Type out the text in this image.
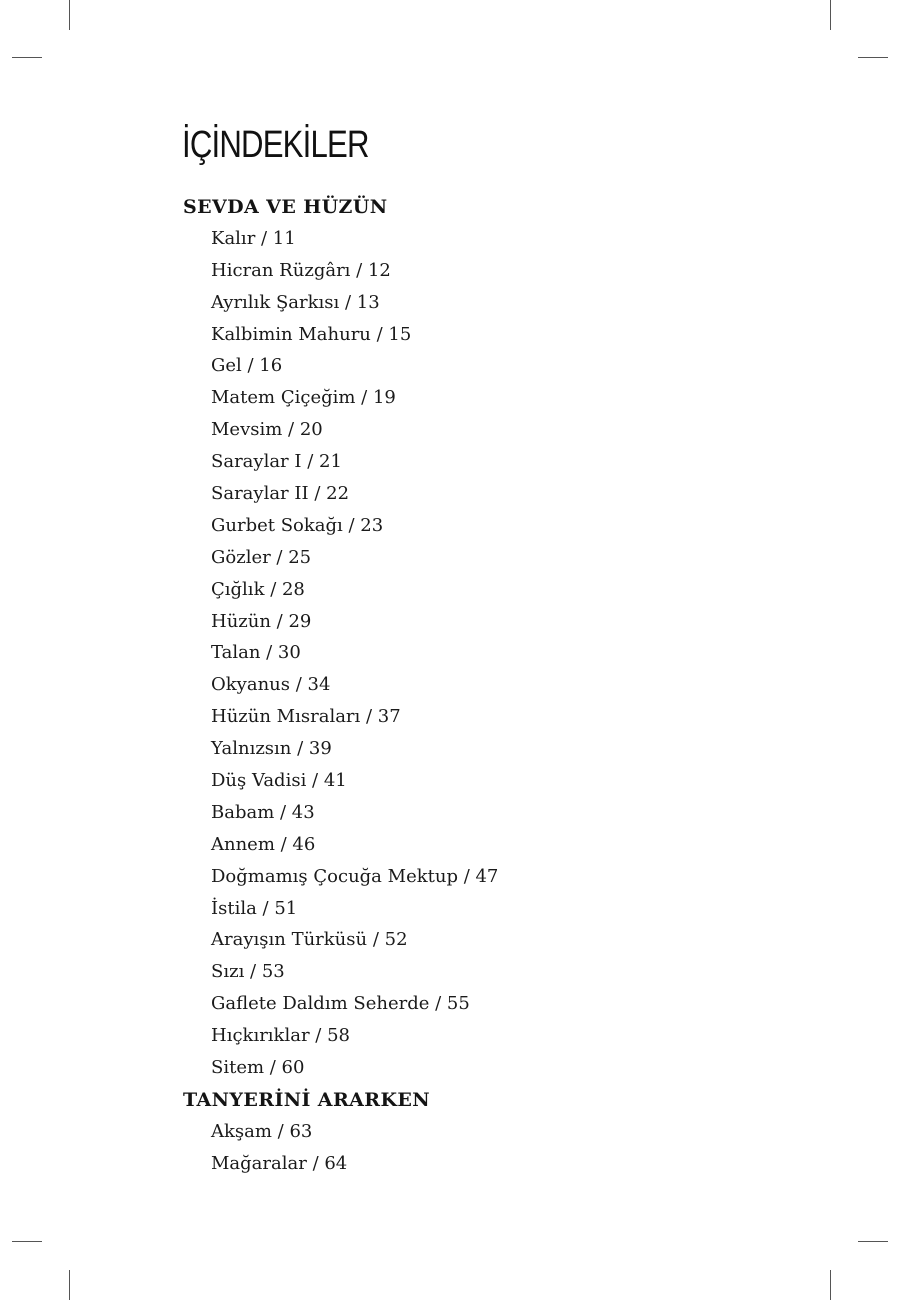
İÇİNDEKİLER
SEVDA VE HÜZÜN
Kalır / 11
Hicran Rüzgârı / 12
Ayrılık Şarkısı / 13
Kalbimin Mahuru / 15
Gel / 16
Matem Çiçeğim / 19
Mevsim / 20
Saraylar I / 21
Saraylar II / 22
Gurbet Sokağı / 23
Gözler / 25
Çığlık / 28
Hüzün / 29
Talan / 30
Okyanus / 34
Hüzün Mısraları / 37
Yalnızsın / 39
Düş Vadisi / 41
Babam / 43
Annem / 46
Doğmamış Çocuğa Mektup / 47
İstila / 51
Arayışın Türküsü / 52
Sızı / 53
Gaflete Daldım Seherde / 55
Hıçkırıklar / 58
Sitem / 60
TANYERİNİ ARARKEN
Akşam / 63
Mağaralar / 64
